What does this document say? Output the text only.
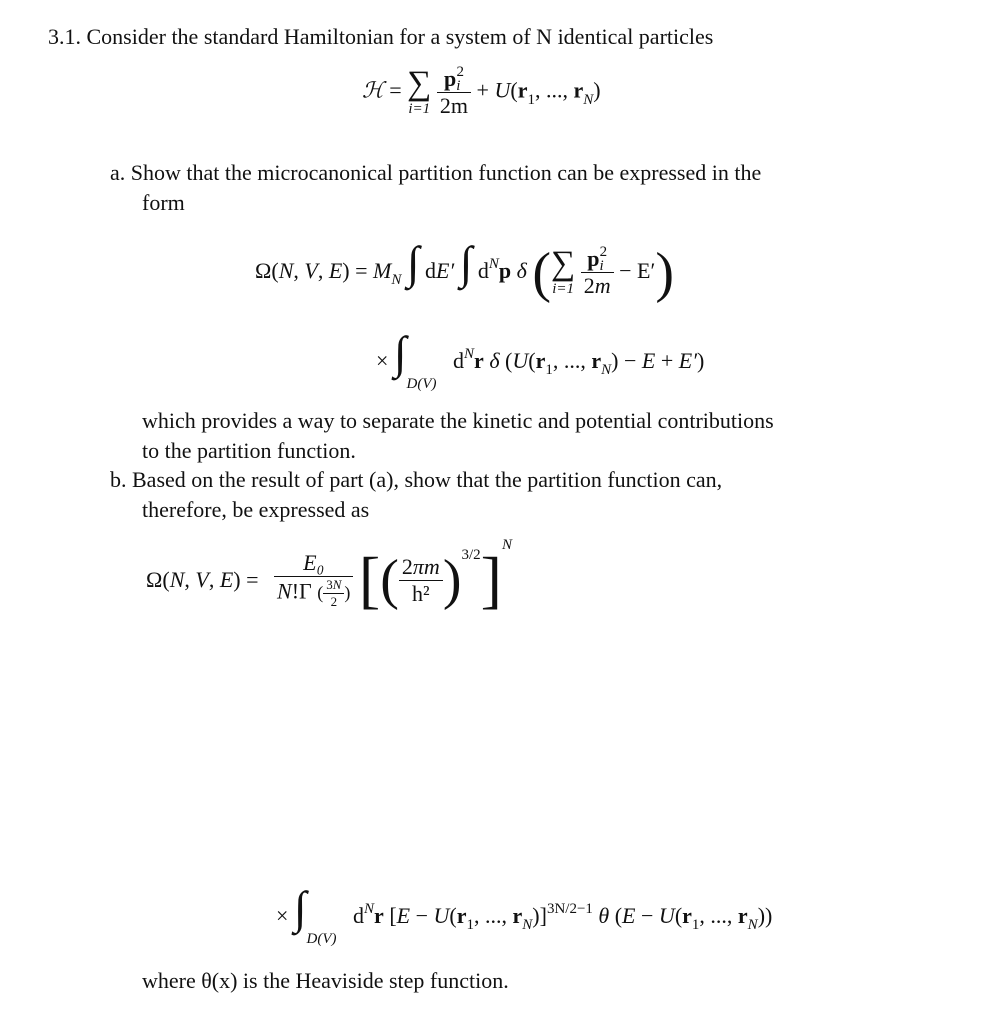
3.1. Consider the standard Hamiltonian for a system of N identical particles
ℋ = ∑
i=1
$\frac{pi^2}{2m} + U(r_1$, ..., $r_N$)
a. Show that the microcanonical partition function can be expressed in the
form
Ω(N, V, $E) = M_N$ ∫ dE′ ∫ $d^Np$ δ ( ∑
i=1
$\frac{pi^2}{2m} - E'$)
× $\int_{D(V)}$   $d^Nr$ δ ($U(r_1$, ..., $r_N) - E + E'$)
which provides a way to separate the kinetic and potential contributions
to the partition function.
b. Based on the result of part (a), show that the partition function can,
therefore, be expressed as
Ω(N, V, $E) = \frac{\text{E₀}}{N!\Gamma ( \frac{3N}{2} )}$ [( $\frac{2\pi m}{\text{h²}} )^{3/2}]^N$
× $\int_{D(V)}$   $d^Nr$ [$E - U(r_1$, ..., $r_N)]^{3N/2-1}$ θ ($E - U(r_1$, ..., $r_N$))
where θ(x) is the Heaviside step function.
